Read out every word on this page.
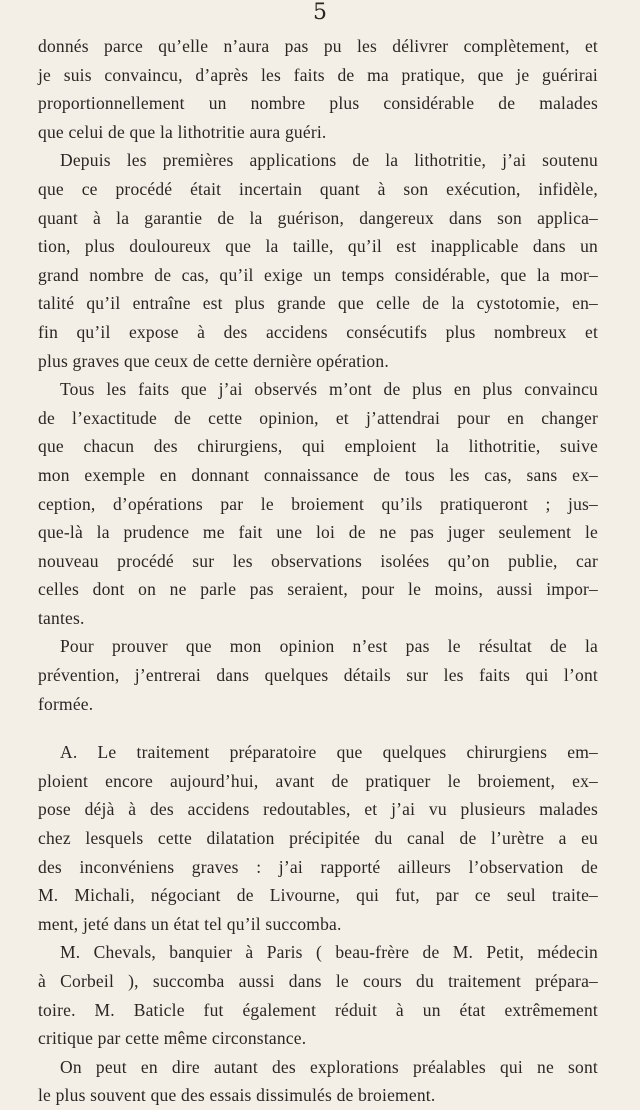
5
donnés parce qu’elle n’aura pas pu les délivrer complètement, et
je suis convaincu, d’après les faits de ma pratique, que je guérirai
proportionnellement un nombre plus considérable de malades
que celui de que la lithotritie aura guéri.
Depuis les premières applications de la lithotritie, j’ai soutenu
que ce procédé était incertain quant à son exécution, infidèle,
quant à la garantie de la guérison, dangereux dans son applica–
tion, plus douloureux que la taille, qu’il est inapplicable dans un
grand nombre de cas, qu’il exige un temps considérable, que la mor–
talité qu’il entraîne est plus grande que celle de la cystotomie, en–
fin qu’il expose à des accidens consécutifs plus nombreux et
plus graves que ceux de cette dernière opération.
Tous les faits que j’ai observés m’ont de plus en plus convaincu
de l’exactitude de cette opinion, et j’attendrai pour en changer
que chacun des chirurgiens, qui emploient la lithotritie, suive
mon exemple en donnant connaissance de tous les cas, sans ex–
ception, d’opérations par le broiement qu’ils pratiqueront ; jus–
que-là la prudence me fait une loi de ne pas juger seulement le
nouveau procédé sur les observations isolées qu’on publie, car
celles dont on ne parle pas seraient, pour le moins, aussi impor–
tantes.
Pour prouver que mon opinion n’est pas le résultat de la
prévention, j’entrerai dans quelques détails sur les faits qui l’ont
formée.
A. Le traitement préparatoire que quelques chirurgiens em–
ploient encore aujourd’hui, avant de pratiquer le broiement, ex–
pose déjà à des accidens redoutables, et j’ai vu plusieurs malades
chez lesquels cette dilatation précipitée du canal de l’urètre a eu
des inconvéniens graves : j’ai rapporté ailleurs l’observation de
M. Michali, négociant de Livourne, qui fut, par ce seul traite–
ment, jeté dans un état tel qu’il succomba.
M. Chevals, banquier à Paris ( beau-frère de M. Petit, médecin
à Corbeil ), succomba aussi dans le cours du traitement prépara–
toire. M. Baticle fut également réduit à un état extrêmement
critique par cette même circonstance.
On peut en dire autant des explorations préalables qui ne sont
le plus souvent que des essais dissimulés de broiement.
